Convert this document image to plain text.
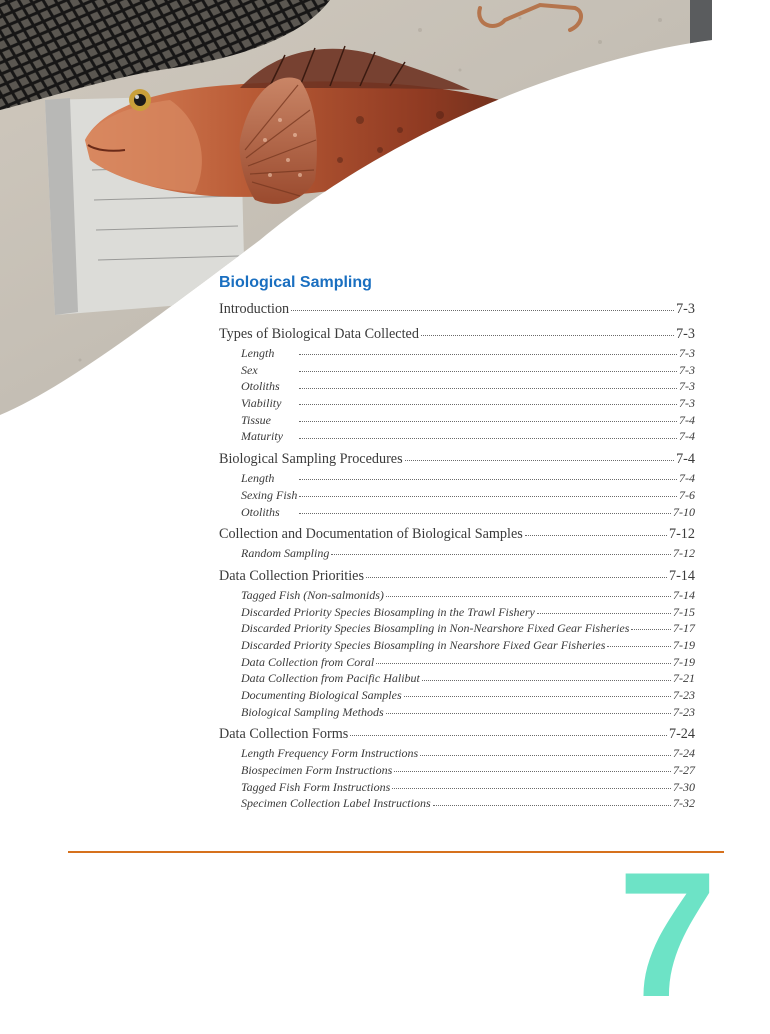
Biological Sampling
Introduction	7-3
Types of Biological Data Collected	7-3
Length	7-3
Sex	7-3
Otoliths	7-3
Viability	7-3
Tissue	7-4
Maturity	7-4
Biological Sampling Procedures	7-4
Length	7-4
Sexing Fish	7-6
Otoliths	7-10
Collection and Documentation of Biological Samples	7-12
Random Sampling	7-12
Data Collection Priorities	7-14
Tagged Fish (Non-salmonids)	7-14
Discarded Priority Species Biosampling in the Trawl Fishery	7-15
Discarded Priority Species Biosampling in Non-Nearshore Fixed Gear Fisheries	7-17
Discarded Priority Species Biosampling in Nearshore Fixed Gear Fisheries	7-19
Data Collection from Coral	7-19
Data Collection from Pacific Halibut	7-21
Documenting Biological Samples	7-23
Biological Sampling Methods	7-23
Data Collection Forms	7-24
Length Frequency Form Instructions	7-24
Biospecimen Form Instructions	7-27
Tagged Fish Form Instructions	7-30
Specimen Collection Label Instructions	7-32
7
